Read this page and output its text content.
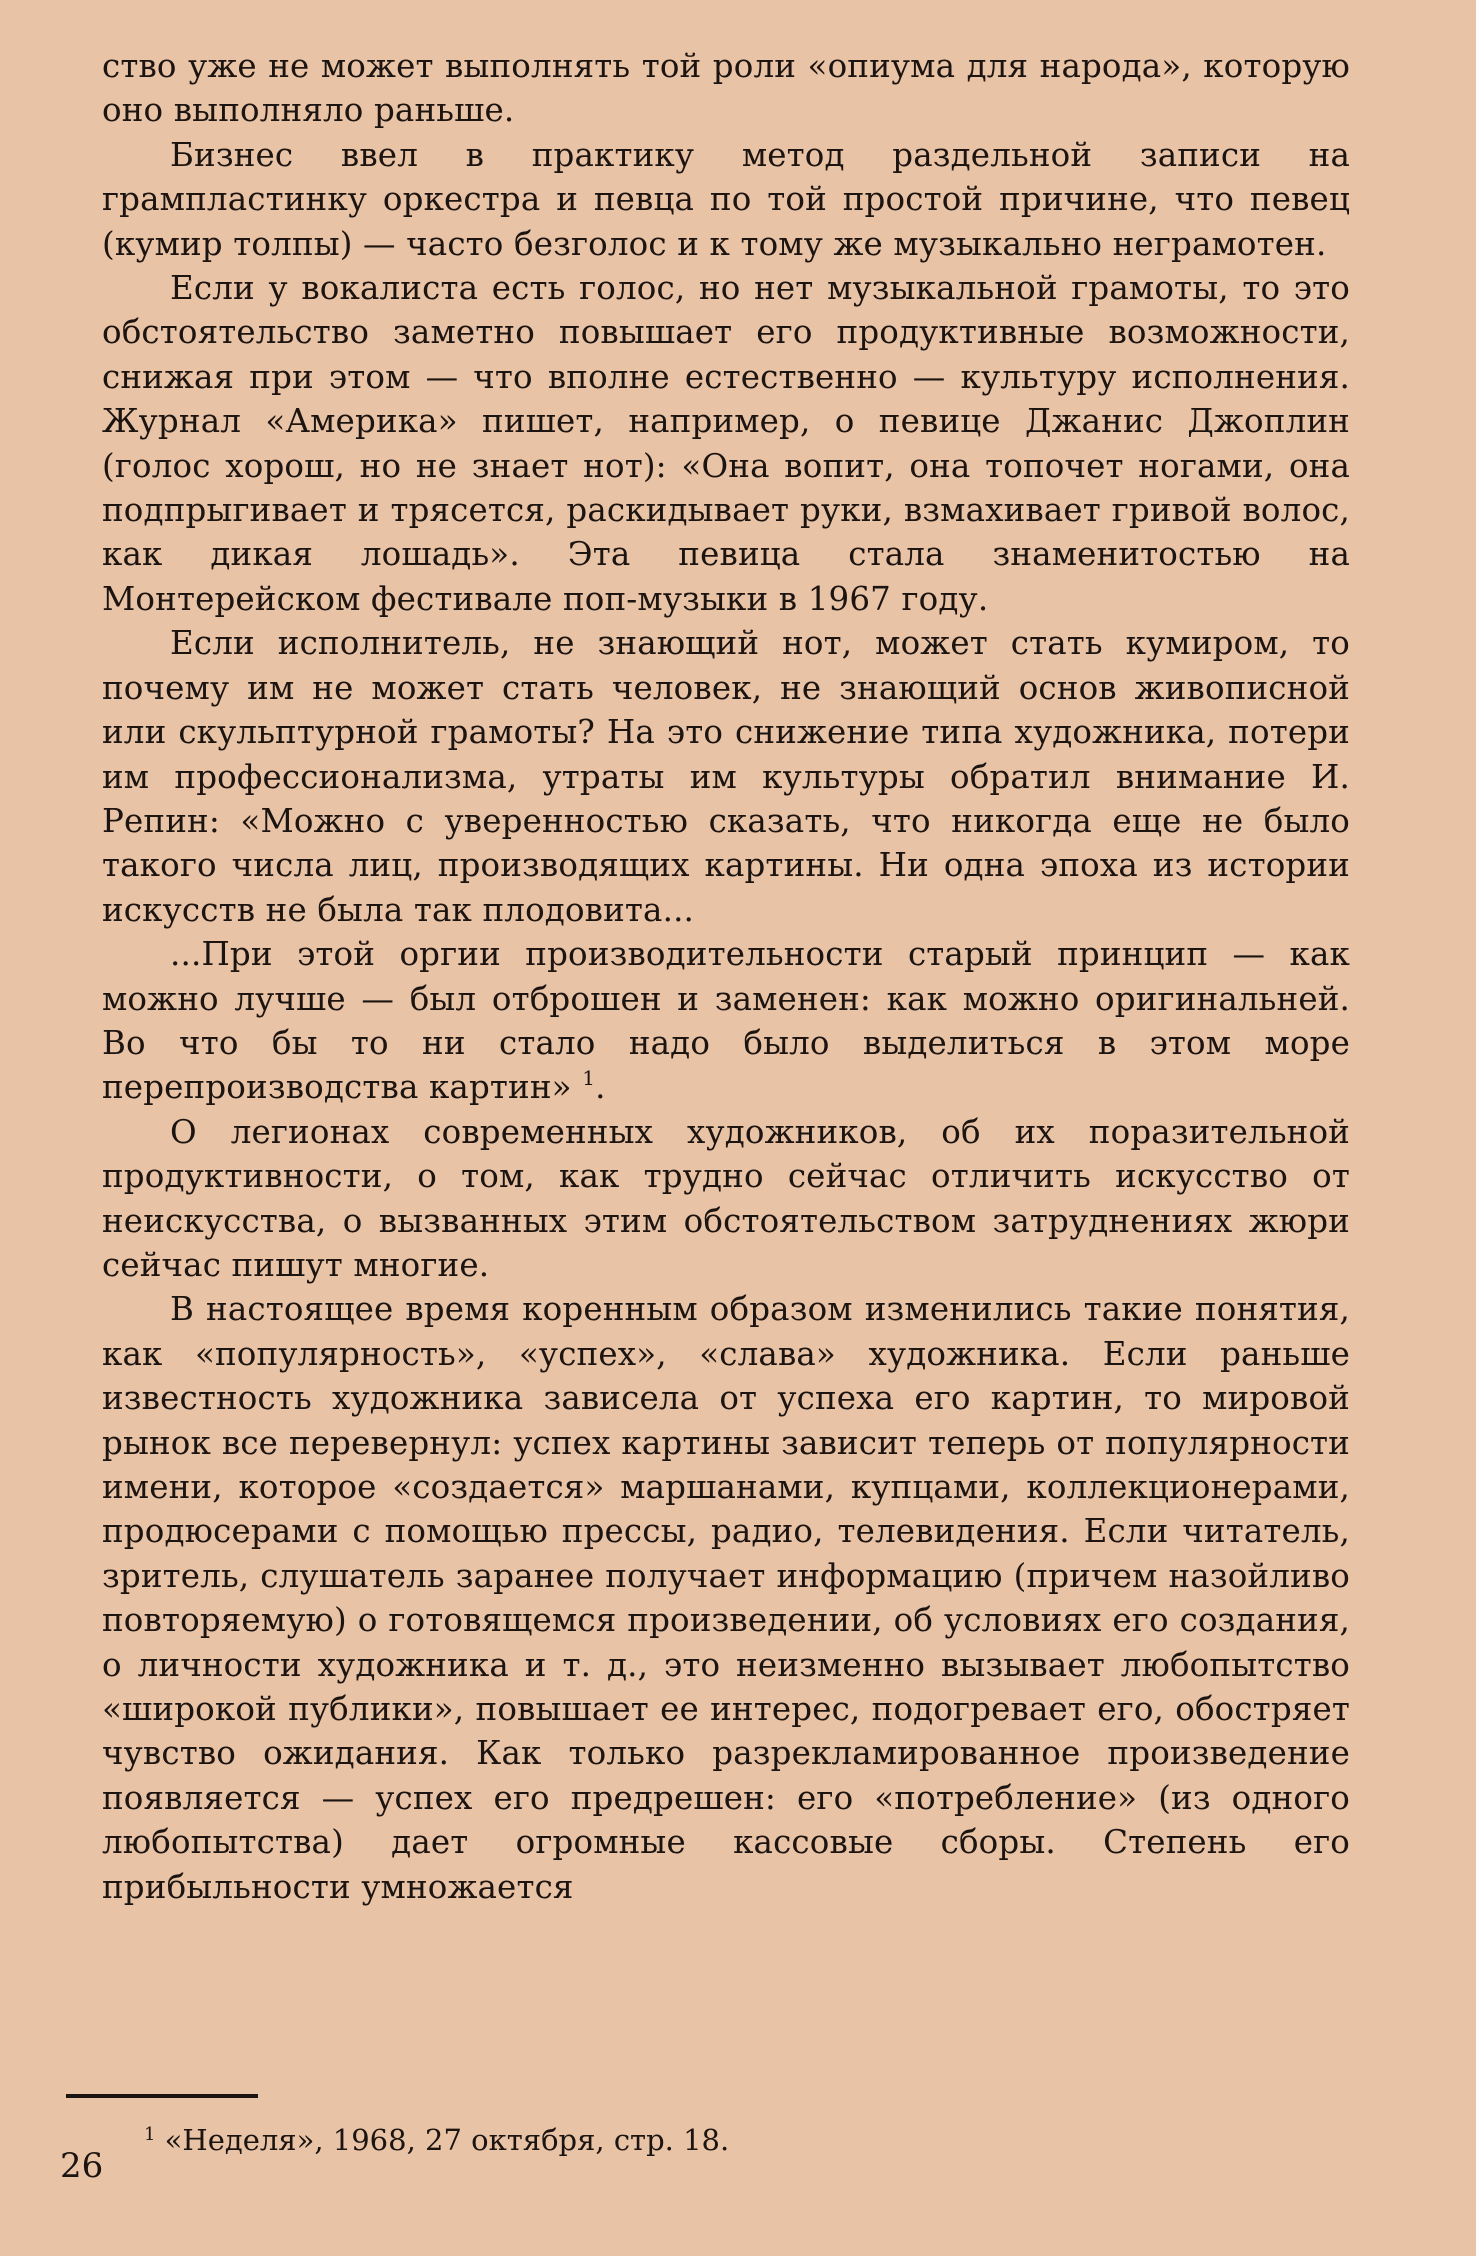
ство уже не может выполнять той роли «опиума для народа», которую оно выполняло раньше.

Бизнес ввел в практику метод раздельной записи на грампластинку оркестра и певца по той простой причине, что певец (кумир толпы) — часто безголос и к тому же музыкально неграмотен.

Если у вокалиста есть голос, но нет музыкальной грамоты, то это обстоятельство заметно повышает его продуктивные возможности, снижая при этом — что вполне естественно — культуру исполнения. Журнал «Америка» пишет, например, о певице Джанис Джоплин (голос хорош, но не знает нот): «Она вопит, она топочет ногами, она подпрыгивает и трясется, раскидывает руки, взмахивает гривой волос, как дикая лошадь». Эта певица стала знаменитостью на Монтерейском фестивале поп-музыки в 1967 году.

Если исполнитель, не знающий нот, может стать кумиром, то почему им не может стать человек, не знающий основ живописной или скульптурной грамоты? На это снижение типа художника, потери им профессионализма, утраты им культуры обратил внимание И. Репин: «Можно с уверенностью сказать, что никогда еще не было такого числа лиц, производящих картины. Ни одна эпоха из истории искусств не была так плодовита...

...При этой оргии производительности старый принцип — как можно лучше — был отброшен и заменен: как можно оригинальней. Во что бы то ни стало надо было выделиться в этом море перепроизводства картин» $^1$.

О легионах современных художников, об их поразительной продуктивности, о том, как трудно сейчас отличить искусство от неискусства, о вызванных этим обстоятельством затруднениях жюри сейчас пишут многие.

В настоящее время коренным образом изменились такие понятия, как «популярность», «успех», «слава» художника. Если раньше известность художника зависела от успеха его картин, то мировой рынок все перевернул: успех картины зависит теперь от популярности имени, которое «создается» маршанами, купцами, коллекционерами, продюсерами с помощью прессы, радио, телевидения. Если читатель, зритель, слушатель заранее получает информацию (причем назойливо повторяемую) о готовящемся произведении, об условиях его создания, о личности художника и т. д., это неизменно вызывает любопытство «широкой публики», повышает ее интерес, подогревает его, обостряет чувство ожидания. Как только разрекламированное произведение появляется — успех его предрешен: его «потребление» (из одного любопытства) дает огромные кассовые сборы. Степень его прибыльности умножается

$^1$ «Неделя», 1968, 27 октября, стр. 18.
26
